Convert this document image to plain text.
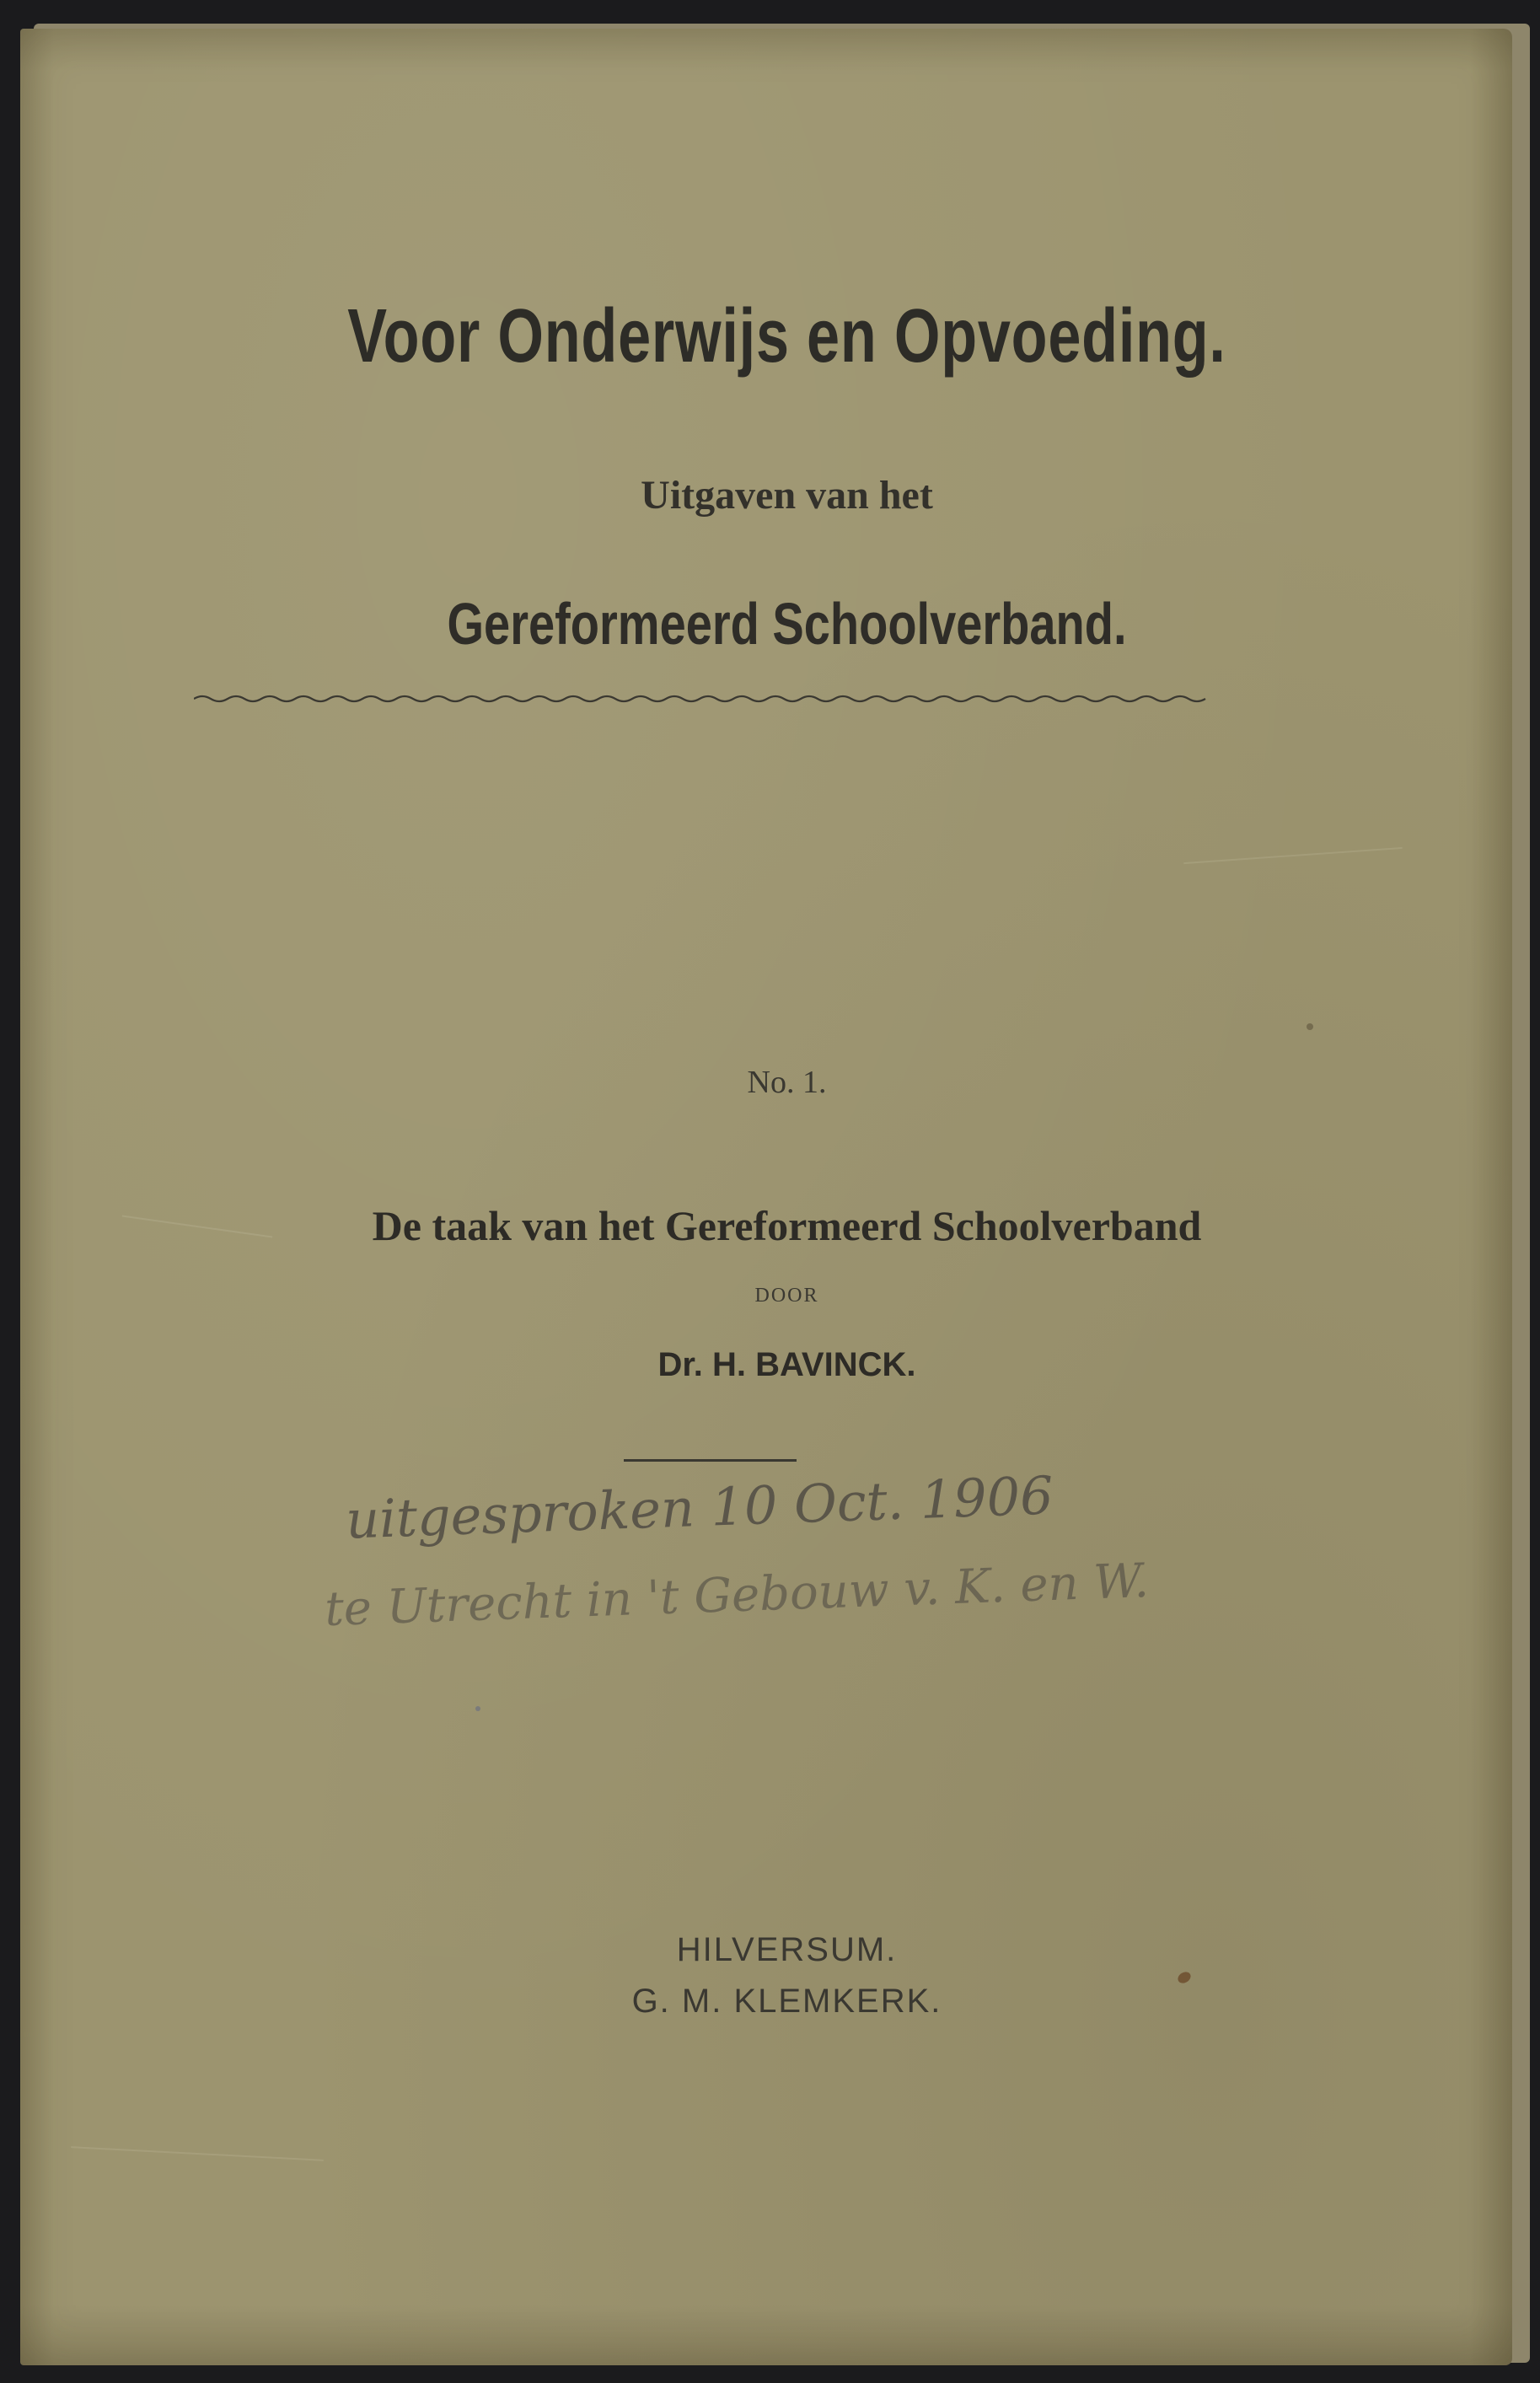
Voor Onderwijs en Opvoeding.
Uitgaven van het
Gereformeerd Schoolverband.
No. 1.
De taak van het Gereformeerd Schoolverband
DOOR
Dr. H. BAVINCK.
uitgesproken 10 Oct. 1906
te Utrecht in 't Gebouw v. K. en W.
HILVERSUM.
G. M. KLEMKERK.
